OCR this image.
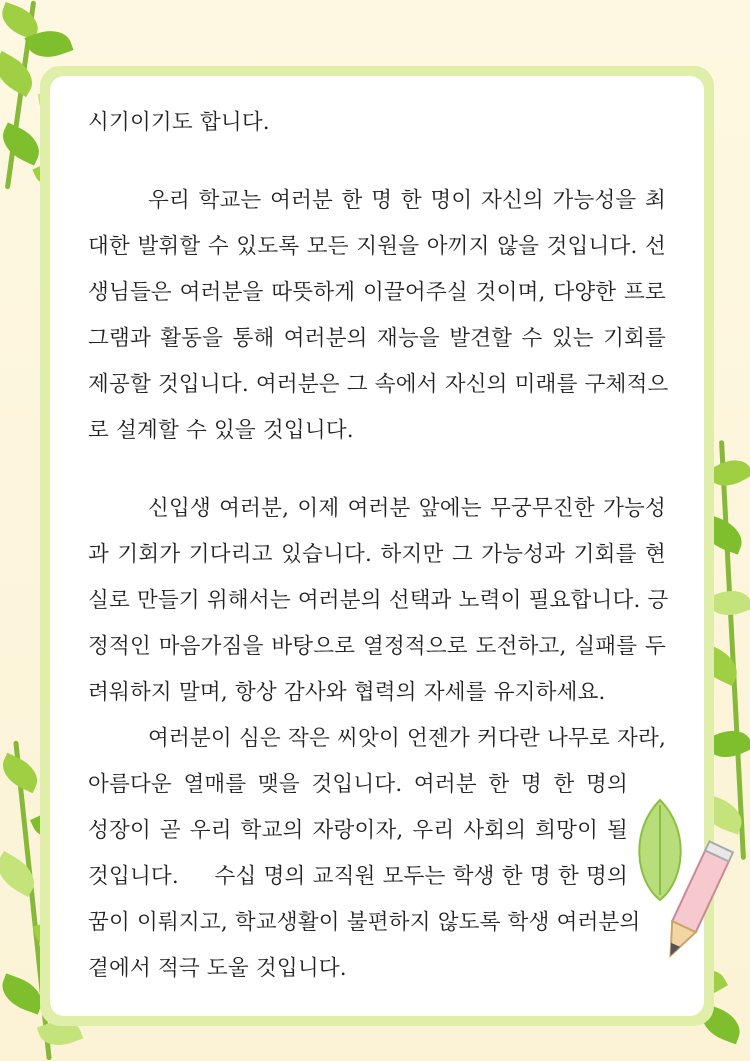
시기이기도 합니다.
우리 학교는 여러분 한 명 한 명이 자신의 가능성을 최
대한 발휘할 수 있도록 모든 지원을 아끼지 않을 것입니다. 선
생님들은 여러분을 따뜻하게 이끌어주실 것이며, 다양한 프로
그램과 활동을 통해 여러분의 재능을 발견할 수 있는 기회를
제공할 것입니다. 여러분은 그 속에서 자신의 미래를 구체적으
로 설계할 수 있을 것입니다.
신입생 여러분, 이제 여러분 앞에는 무궁무진한 가능성
과 기회가 기다리고 있습니다. 하지만 그 가능성과 기회를 현
실로 만들기 위해서는 여러분의 선택과 노력이 필요합니다. 긍
정적인 마음가짐을 바탕으로 열정적으로 도전하고, 실패를 두
려워하지 말며, 항상 감사와 협력의 자세를 유지하세요.
여러분이 심은 작은 씨앗이 언젠가 커다란 나무로 자라,
아름다운 열매를 맺을 것입니다. 여러분 한 명 한 명의
성장이 곧 우리 학교의 자랑이자, 우리 사회의 희망이 될
것입니다.     수십 명의 교직원 모두는 학생 한 명 한 명의
꿈이 이뤄지고, 학교생활이 불편하지 않도록 학생 여러분의
곁에서 적극 도울 것입니다.
